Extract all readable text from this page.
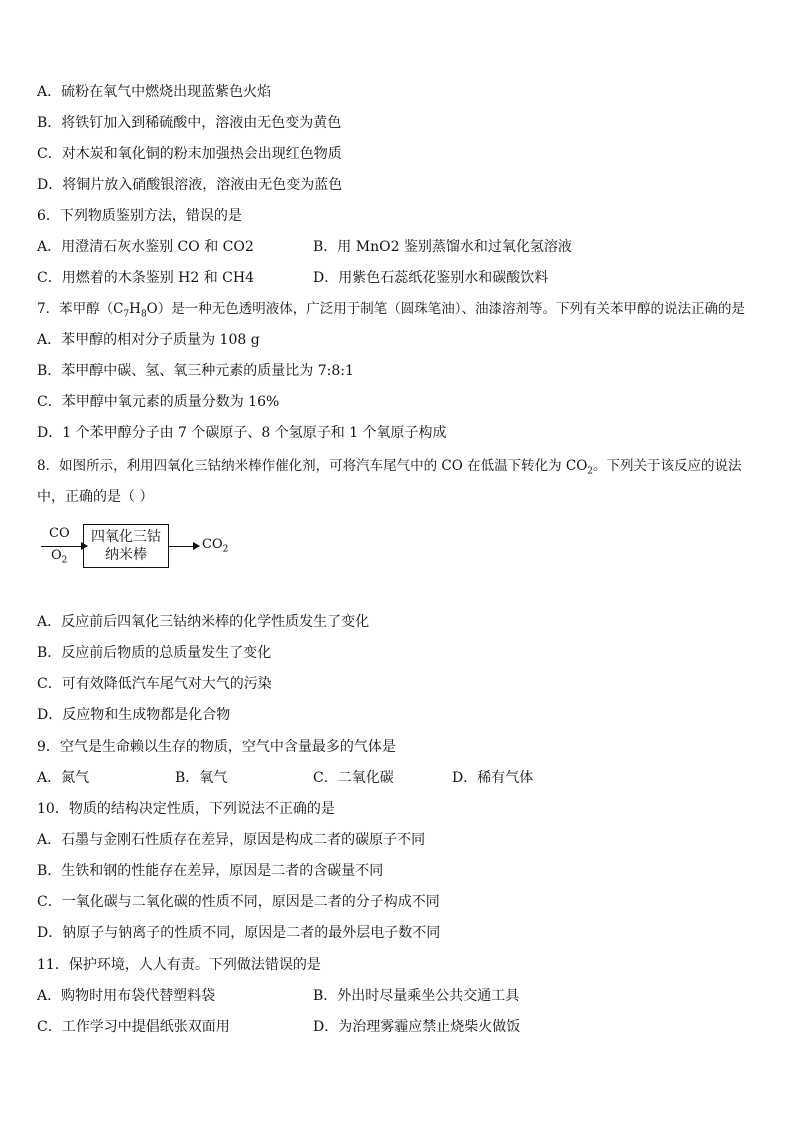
A．硫粉在氧气中燃烧出现蓝紫色火焰
B．将铁钉加入到稀硫酸中，溶液由无色变为黄色
C．对木炭和氧化铜的粉末加强热会出现红色物质
D．将铜片放入硝酸银溶液，溶液由无色变为蓝色
6．下列物质鉴别方法，错误的是
A．用澄清石灰水鉴别 CO 和 CO2	B．用 MnO2 鉴别蒸馏水和过氧化氢溶液
C．用燃着的木条鉴别 H2 和 CH4	D．用紫色石蕊纸花鉴别水和碳酸饮料
7．苯甲醇$(C_7H_8O)$是一种无色透明液体，广泛用于制笔（圆珠笔油）、油漆溶剂等。下列有关苯甲醇的说法正确的是
A．苯甲醇的相对分子质量为 108 g
B．苯甲醇中碳、氢、氧三种元素的质量比为 7:8:1
C．苯甲醇中氧元素的质量分数为 16%
D．1 个苯甲醇分子由 7 个碳原子、8 个氢原子和 1 个氧原子构成
8．如图所示，利用四氧化三钴纳米棒作催化剂，可将汽车尾气中的 CO 在低温下转化为 $CO_2$。下列关于该反应的说法
中，正确的是（ ）
CO
$O_2$
四氧化三钴
纳米棒
$CO_2$
A．反应前后四氧化三钴纳米棒的化学性质发生了变化
B．反应前后物质的总质量发生了变化
C．可有效降低汽车尾气对大气的污染
D．反应物和生成物都是化合物
9．空气是生命赖以生存的物质，空气中含量最多的气体是
A．氮气	B．氧气	C．二氧化碳	D．稀有气体
10．物质的结构决定性质，下列说法不正确的是
A．石墨与金刚石性质存在差异，原因是构成二者的碳原子不同
B．生铁和钢的性能存在差异，原因是二者的含碳量不同
C．一氧化碳与二氧化碳的性质不同，原因是二者的分子构成不同
D．钠原子与钠离子的性质不同，原因是二者的最外层电子数不同
11．保护环境，人人有责。下列做法错误的是
A．购物时用布袋代替塑料袋	B．外出时尽量乘坐公共交通工具
C．工作学习中提倡纸张双面用	D．为治理雾霾应禁止烧柴火做饭
